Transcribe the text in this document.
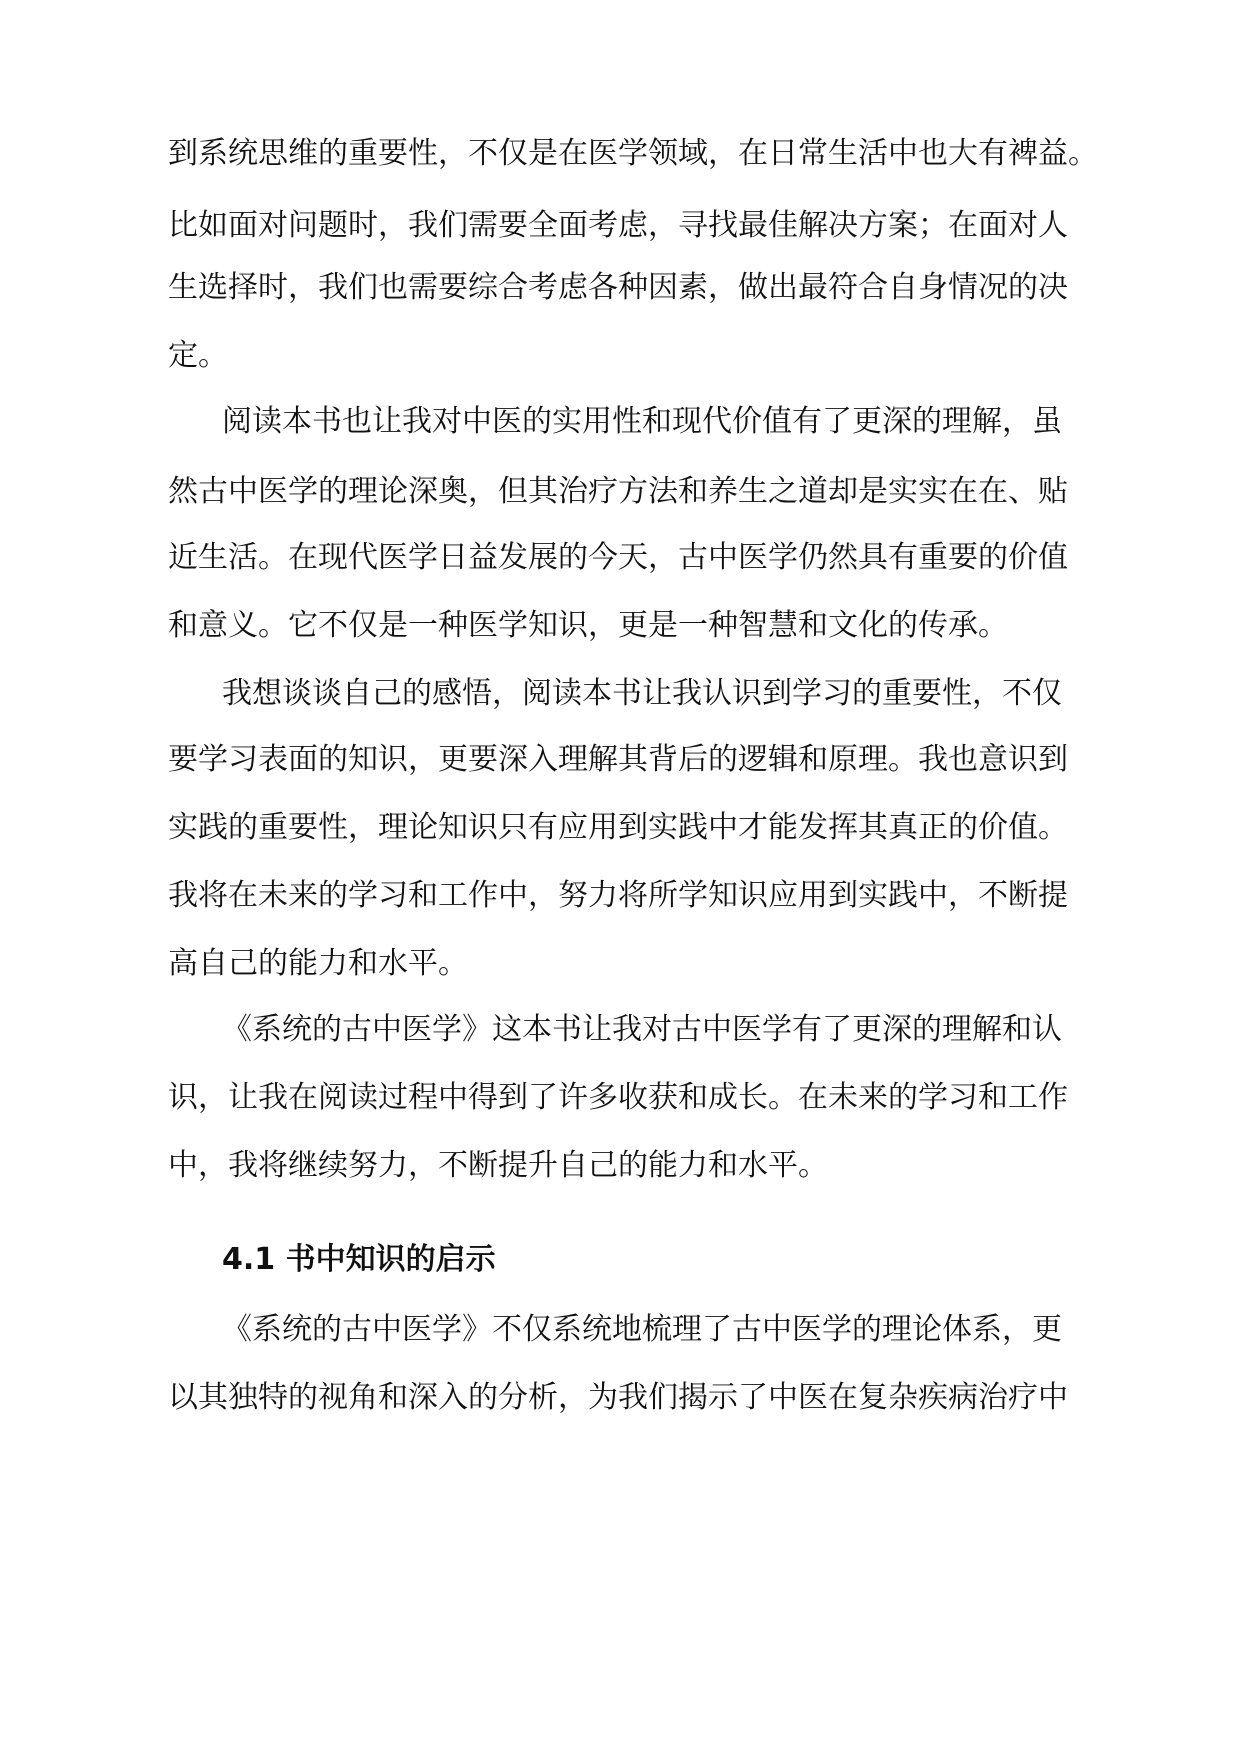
到系统思维的重要性，不仅是在医学领域，在日常生活中也大有裨益。

比如面对问题时，我们需要全面考虑，寻找最佳解决方案；在面对人

生选择时，我们也需要综合考虑各种因素，做出最符合自身情况的决

定。

阅读本书也让我对中医的实用性和现代价值有了更深的理解，虽

然古中医学的理论深奥，但其治疗方法和养生之道却是实实在在、贴

近生活。在现代医学日益发展的今天，古中医学仍然具有重要的价值

和意义。它不仅是一种医学知识，更是一种智慧和文化的传承。

我想谈谈自己的感悟，阅读本书让我认识到学习的重要性，不仅

要学习表面的知识，更要深入理解其背后的逻辑和原理。我也意识到

实践的重要性，理论知识只有应用到实践中才能发挥其真正的价值。

我将在未来的学习和工作中，努力将所学知识应用到实践中，不断提

高自己的能力和水平。

《系统的古中医学》这本书让我对古中医学有了更深的理解和认

识，让我在阅读过程中得到了许多收获和成长。在未来的学习和工作

中，我将继续努力，不断提升自己的能力和水平。

4.1 书中知识的启示

《系统的古中医学》不仅系统地梳理了古中医学的理论体系，更

以其独特的视角和深入的分析，为我们揭示了中医在复杂疾病治疗中
